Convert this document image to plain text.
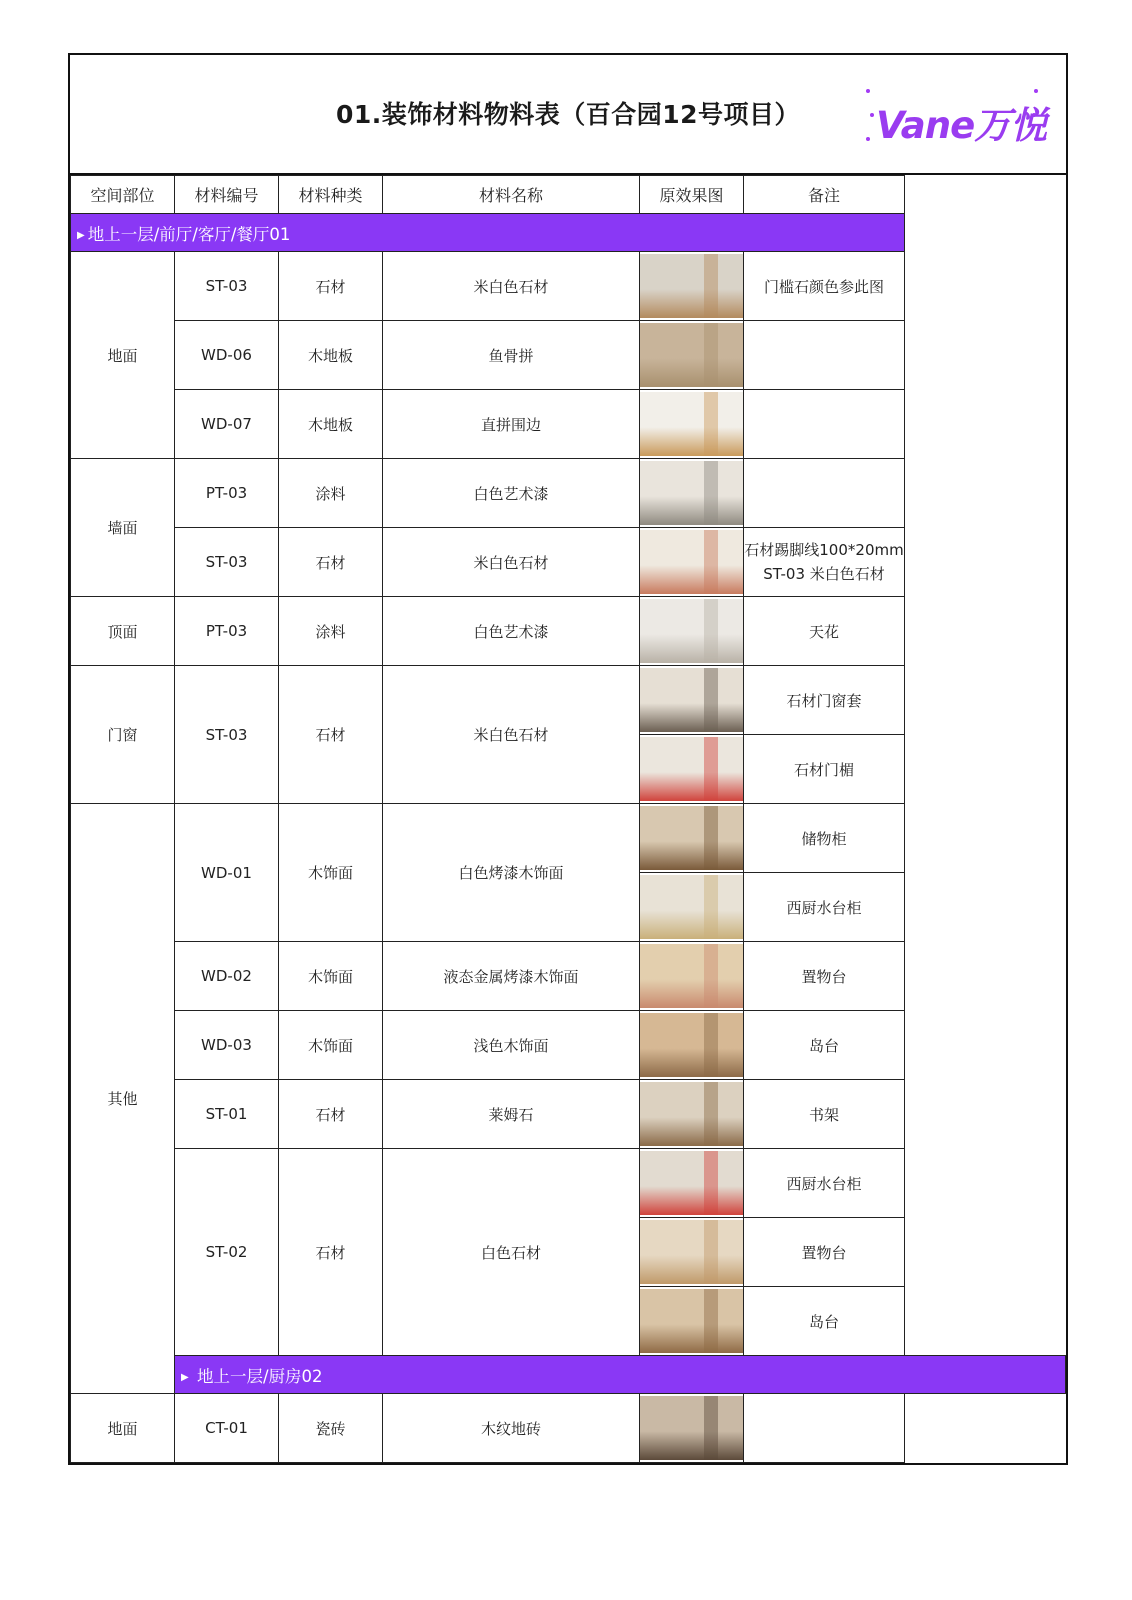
01.装饰材料物料表（百合园12号项目）	Vane万悦
空间部位	材料编号	材料种类	材料名称	原效果图	备注
▶ 地上一层/前厅/客厅/餐厅01					
地面	ST-03	石材	米白色石材		门槛石颜色参此图
	WD-06	木地板	鱼骨拼	

	WD-07	木地板	直拼围边	

墙面	PT-03	涂料	白色艺术漆	

	ST-03	石材	米白色石材		石材踢脚线100*20mm
ST-03 米白色石材

顶面	PT-03	涂料	白色艺术漆		天花
门窗	ST-03	石材	米白色石材		石材门窗套

					石材门楣
其他	WD-01	木饰面	白色烤漆木饰面		储物柜

					西厨水台柜
	WD-02	木饰面	液态金属烤漆木饰面		置物台
	WD-03	木饰面	浅色木饰面		岛台
	ST-01	石材	莱姆石		书架
	ST-02	石材	白色石材		西厨水台柜

					置物台

					岛台
	▶ 地上一层/厨房02				
地面	CT-01	瓷砖	木纹地砖	
